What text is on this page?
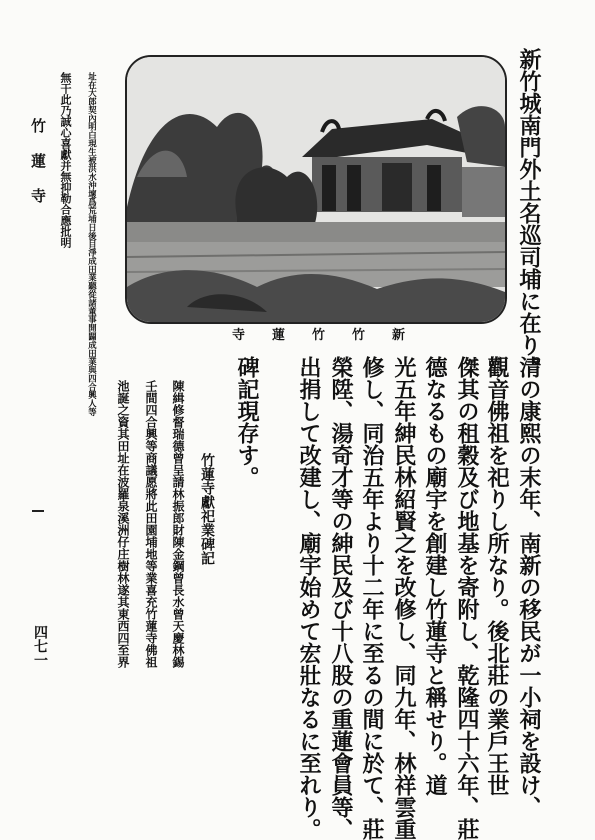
新
竹
竹
蓮
寺	新竹城南門外土名巡司埔に在り。
清の康熙の末年、南新の移民が一小祠を設け、
觀音佛祖を祀りし所なり。後北莊の業戶王世
傑其の租穀及び地基を寄附し、乾隆四十六年、莊
德なるもの廟宇を創建し竹蓮寺と稱せり。道
光五年紳民林紹賢之を改修し、同九年、林祥雲重
修し、同治五年より十二年に至るの間に於て、莊
榮陞、湯奇才等の紳民及び十八股の重蓮會員等、
出捐して改建し、廟宇始めて宏壯なるに至れり。
碑記現存す。
竹蓮寺獻祀業碑記
陳緝修督瑞德曾呈請林振郎財陳金鋼曾長水曾天慶林錫
壬間四合興等商議愿將此田園埔地等業喜充竹蓮寺佛祖
池誕之資其田址在波羅泉溪洲仔庄樹林遂其東西四至界
址在大郎契內明白現生被洪水沖壞爲荒埔日後目淨成田業聽從諸董事開闢成田業與四合興人等
無干此乃誠心喜獻并無抑勒合應批明
竹蓮寺
四七一
